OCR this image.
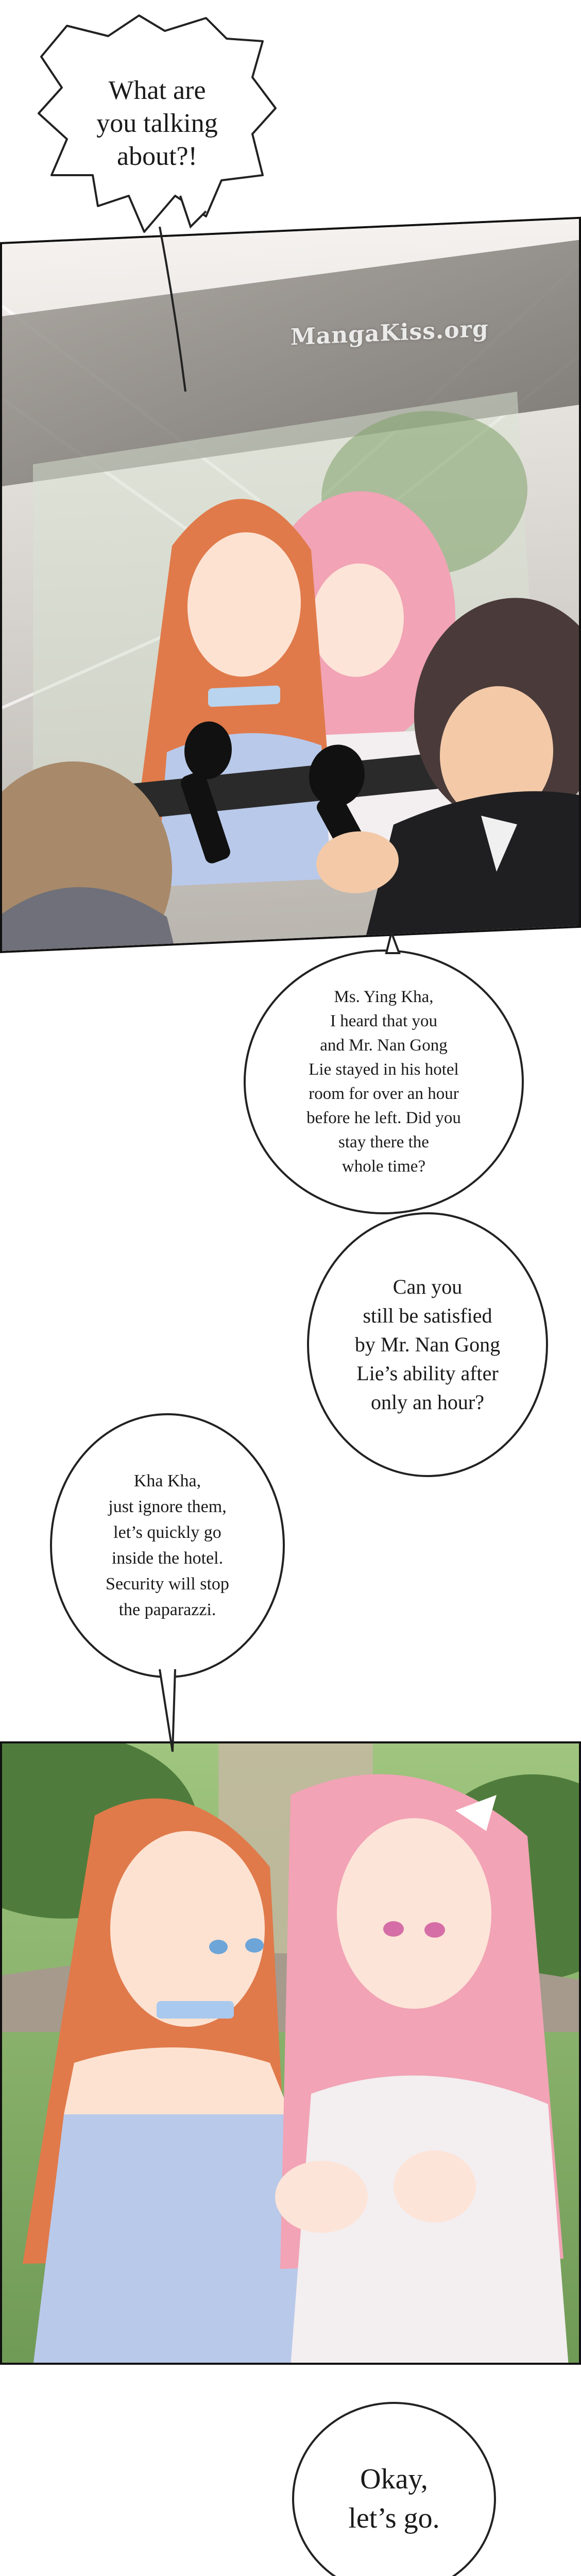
What are
you talking
about?!
MangaKiss.org
Ms. Ying Kha,
I heard that you
and Mr. Nan Gong
Lie stayed in his hotel
room for over an hour
before he left. Did you
stay there the
whole time?
Can you
still be satisfied
by Mr. Nan Gong
Lie’s ability after
only an hour?
Kha Kha,
just ignore them,
let’s quickly go
inside the hotel.
Security will stop
the paparazzi.
Okay,
let’s go.
